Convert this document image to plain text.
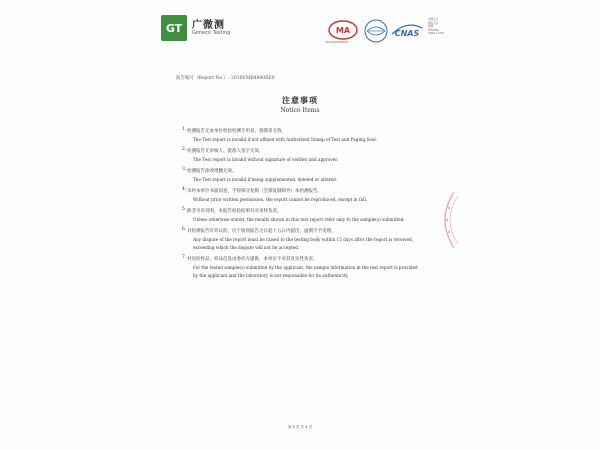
GT 广微测
Gimeco Testing	MA
201919000983
CNAS
中国认可
国际互认
检测
TESTING
CNAS L7767
报告编号（Report No.）: 2019EMB4890RE0
注意事项
Notice Items
1. 检测报告无本单位检验检测专用章、骑缝章无效。
The Test report is invalid if not affixed with Authorized Stamp of Test and Paging Seal.
2. 检测报告无审核人、批准人签字无效。
The Test report is invalid without signature of verifier and approver.
3. 检测报告涂改增删无效。
The Test report is invalid if being supplemented, deleted or altered.
4. 未经本单位书面同意，不得部分复制（全部复制除外）本检测报告。
Without prior written permission, the report cannot be reproduced, except in full.
5. 除非另有说明，本报告检验结果仅对来样负责。
Unless otherwise stated, the results shown in this test report refer only to the sample(s) submitted.
6. 对检测报告有异议的，应于收到报告之日起十五日内提出，逾期不予受理。
Any dispute of the report must be raised to the testing body within 15 days after the report is received, exceeding which the dispute will not be accepted.
7. 对送检样品，样品信息由委托方提供，本单位不对其真实性负责。
For the tested sample(s) submitted by the applicant, the sample information in the test report is provided by the applicant and the laboratory is not responsible for its authenticity.
第 4 页 共 4 页
